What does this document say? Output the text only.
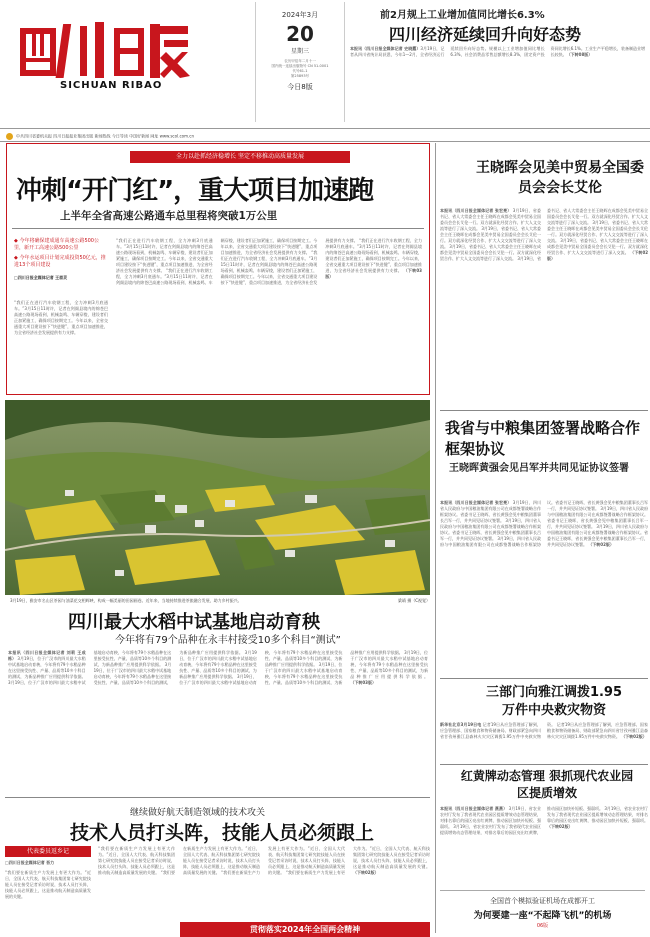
SICHUAN RIBAO
2024年3月
20
星期三
农历甲辰年二月十一
国内统一连续出版物号 CN 51-0001
代号61-1
第25893号
今日8版
前2月规上工业增加值同比增长6.3%
四川经济延续回升向好态势
本报讯（四川日报全媒体记者 史晓露）3月19日，记者从四川省统计局获悉，今年1—2月，全省经济运行延续回升向好态势。规模以上工业增加值同比增长6.3%，社会消费品零售总额增长8.3%，固定资产投资同比增长6.1%。工业生产平稳增长，装备制造业增长较快。（下转08版）
中共四川省委机关报 四川日报报业集团出版 新闻热线 今日导读 中国好新闻 网址 www.scol.com.cn
全力以赴抓经济稳增长 坚定不移推动高质量发展
冲刺“开门红”，重大项目加速跑
上半年全省高速公路通车总里程将突破1万公里
◆ 今年将确保建成通车高速公路500公里，新开工高速公路500公里
◆ 今年水运项目计划完成投资50亿元，推进13个项目建设
□四川日报全媒体记者 王眉灵
“我们正在进行汽车收钢工程，全力冲刺3月底通车。”3月15日11时许，记者在剑阁县境内的绵苍巴高速公路现场看到，机械轰鸣、车辆穿梭，建设者们正加紧施工，确保项目按期完工。今年以来，全省交通重大项目建设按下“快进键”，重点项目加速推进，为全省经济社会发展提供有力支撑。
“我们正在进行汽车收钢工程，全力冲刺3月底通车。”3月15日11时许，记者在剑阁县境内的绵苍巴高速公路现场看到，机械轰鸣、车辆穿梭，建设者们正加紧施工，确保项目按期完工。今年以来，全省交通重大项目建设按下“快进键”，重点项目加速推进，为全省经济社会发展提供有力支撑。 “我们正在进行汽车收钢工程，全力冲刺3月底通车。”3月15日11时许，记者在剑阁县境内的绵苍巴高速公路现场看到，机械轰鸣、车辆穿梭，建设者们正加紧施工，确保项目按期完工。今年以来，全省交通重大项目建设按下“快进键”，重点项目加速推进，为全省经济社会发展提供有力支撑。 “我们正在进行汽车收钢工程，全力冲刺3月底通车。”3月15日11时许，记者在剑阁县境内的绵苍巴高速公路现场看到，机械轰鸣、车辆穿梭，建设者们正加紧施工，确保项目按期完工。今年以来，全省交通重大项目建设按下“快进键”，重点项目加速推进，为全省经济社会发展提供有力支撑。 “我们正在进行汽车收钢工程，全力冲刺3月底通车。”3月15日11时许，记者在剑阁县境内的绵苍巴高速公路现场看到，机械轰鸣、车辆穿梭，建设者们正加紧施工，确保项目按期完工。今年以来，全省交通重大项目建设按下“快进键”，重点项目加速推进，为全省经济社会发展提供有力支撑。 （下转03版）
3月19日，雅安市名山区茶园与油菜花交相辉映，构成一幅美丽的田园画卷。近年来，当地持续推进茶旅融合发展，助力乡村振兴。	梁靖 摄（C视觉）
四川最大水稻中试基地启动育秧
今年将有79个品种在永丰村接受10多个科目“测试”
本报讯（四川日报全媒体记者 刘莉 王成栋） 3月19日，位于广汉市的四川最大水稻中试基地启动育秧，今年将有79个水稻品种在这里接受抗性、产量、品质等10多个科目的测试，为新品种推广应用提供科学依据。 3月19日，位于广汉市的四川最大水稻中试基地启动育秧，今年将有79个水稻品种在这里接受抗性、产量、品质等10多个科目的测试，为新品种推广应用提供科学依据。 3月19日，位于广汉市的四川最大水稻中试基地启动育秧，今年将有79个水稻品种在这里接受抗性、产量、品质等10多个科目的测试，为新品种推广应用提供科学依据。 3月19日，位于广汉市的四川最大水稻中试基地启动育秧，今年将有79个水稻品种在这里接受抗性、产量、品质等10多个科目的测试，为新品种推广应用提供科学依据。 3月19日，位于广汉市的四川最大水稻中试基地启动育秧，今年将有79个水稻品种在这里接受抗性、产量、品质等10多个科目的测试，为新品种推广应用提供科学依据。 3月19日，位于广汉市的四川最大水稻中试基地启动育秧，今年将有79个水稻品种在这里接受抗性、产量、品质等10多个科目的测试，为新品种推广应用提供科学依据。 3月19日，位于广汉市的四川最大水稻中试基地启动育秧，今年将有79个水稻品种在这里接受抗性、产量、品质等10多个科目的测试，为新品种推广应用提供科学依据。 （下转03版）
继续做好航天制造领域的技术攻关
技术人员打头阵，技能人员必须跟上
代表委员返乡记
□四川日报全媒体记者 吾力
“我们要在新质生产力发展上有更大作为。”近日，全国人大代表、航天科技集团第七研究院技能人员在接受记者采访时说，技术人员打头阵，技能人员必须跟上，这是推动航天制造高质量发展的关键。
“我们要在新质生产力发展上有更大作为。”近日，全国人大代表、航天科技集团第七研究院技能人员在接受记者采访时说，技术人员打头阵，技能人员必须跟上，这是推动航天制造高质量发展的关键。 “我们要在新质生产力发展上有更大作为。”近日，全国人大代表、航天科技集团第七研究院技能人员在接受记者采访时说，技术人员打头阵，技能人员必须跟上，这是推动航天制造高质量发展的关键。 “我们要在新质生产力发展上有更大作为。”近日，全国人大代表、航天科技集团第七研究院技能人员在接受记者采访时说，技术人员打头阵，技能人员必须跟上，这是推动航天制造高质量发展的关键。 “我们要在新质生产力发展上有更大作为。”近日，全国人大代表、航天科技集团第七研究院技能人员在接受记者采访时说，技术人员打头阵，技能人员必须跟上，这是推动航天制造高质量发展的关键。 （下转02版）
贯彻落实2024年全国两会精神
王晓晖会见美中贸易全国委员会会长艾伦
本报讯（四川日报全媒体记者 张宏亮） 3月19日，省委书记、省人大常委会主任王晓晖在成都会见美中贸易全国委员会会长艾伦一行。双方就深化经贸合作、扩大人文交流等进行了深入交流。 3月19日，省委书记、省人大常委会主任王晓晖在成都会见美中贸易全国委员会会长艾伦一行。双方就深化经贸合作、扩大人文交流等进行了深入交流。 3月19日，省委书记、省人大常委会主任王晓晖在成都会见美中贸易全国委员会会长艾伦一行。双方就深化经贸合作、扩大人文交流等进行了深入交流。 3月19日，省委书记、省人大常委会主任王晓晖在成都会见美中贸易全国委员会会长艾伦一行。双方就深化经贸合作、扩大人文交流等进行了深入交流。 3月19日，省委书记、省人大常委会主任王晓晖在成都会见美中贸易全国委员会会长艾伦一行。双方就深化经贸合作、扩大人文交流等进行了深入交流。 3月19日，省委书记、省人大常委会主任王晓晖在成都会见美中贸易全国委员会会长艾伦一行。双方就深化经贸合作、扩大人文交流等进行了深入交流。 （下转02版）
我省与中粮集团签署战略合作框架协议
王晓晖黄强会见吕军并共同见证协议签署
本报讯（四川日报全媒体记者 张宏亮） 3月19日，四川省人民政府与中国粮油集团有限公司在成都签署战略合作框架协议。省委书记王晓晖，省长黄强会见中粮集团董事长吕军一行，并共同见证协议签署。 3月19日，四川省人民政府与中国粮油集团有限公司在成都签署战略合作框架协议。省委书记王晓晖，省长黄强会见中粮集团董事长吕军一行，并共同见证协议签署。 3月19日，四川省人民政府与中国粮油集团有限公司在成都签署战略合作框架协议。省委书记王晓晖，省长黄强会见中粮集团董事长吕军一行，并共同见证协议签署。 3月19日，四川省人民政府与中国粮油集团有限公司在成都签署战略合作框架协议。省委书记王晓晖，省长黄强会见中粮集团董事长吕军一行，并共同见证协议签署。 3月19日，四川省人民政府与中国粮油集团有限公司在成都签署战略合作框架协议。省委书记王晓晖，省长黄强会见中粮集团董事长吕军一行，并共同见证协议签署。 （下转02版）
三部门向雅江调拨1.95万件中央救灾物资
新华社北京3月19日电 记者19日从应急管理部了解到，应急管理部、国家粮食和物资储备局、财政部紧急向四川省甘孜州雅江县森林火灾灾区调拨1.95万件中央救灾物资。 记者19日从应急管理部了解到，应急管理部、国家粮食和物资储备局、财政部紧急向四川省甘孜州雅江县森林火灾灾区调拨1.95万件中央救灾物资。 （下转02版）
红黄牌动态管理 狠抓现代农业园区提质增效
本报讯（四川日报全媒体记者 燕燕） 3月19日，省农业农村厅发布了我省现代农业园区提质增效动态管理结果，对排名靠后的园区亮出红黄牌，推动园区加快补短板、强弱项。 3月19日，省农业农村厅发布了我省现代农业园区提质增效动态管理结果，对排名靠后的园区亮出红黄牌，推动园区加快补短板、强弱项。 3月19日，省农业农村厅发布了我省现代农业园区提质增效动态管理结果，对排名靠后的园区亮出红黄牌，推动园区加快补短板、强弱项。 （下转02版）
全国首个模拟验证机场在成都开工
为何要建一座“不起降飞机”的机场
06版
